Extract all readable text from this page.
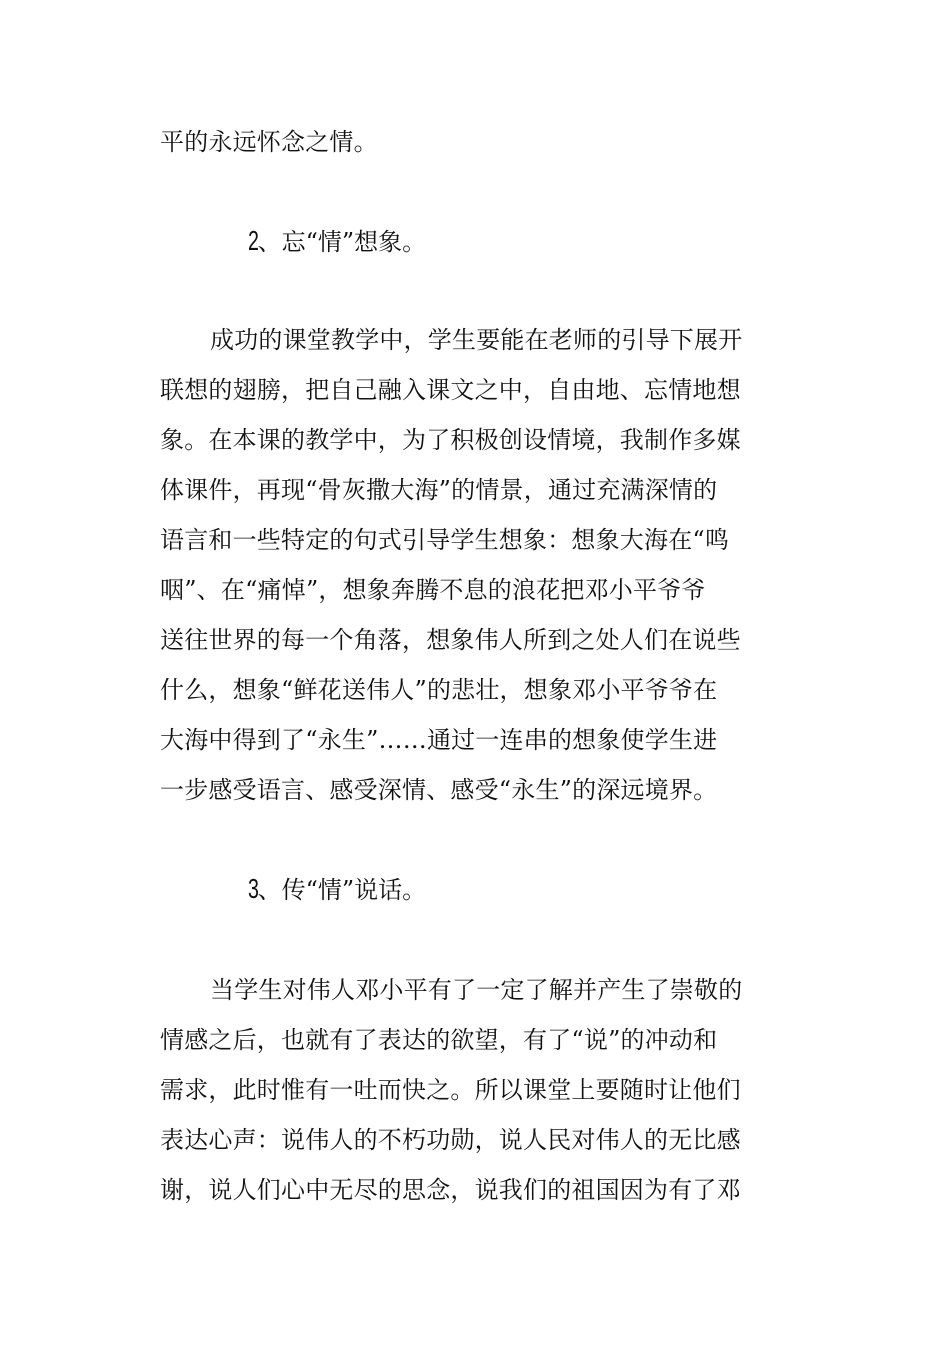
平的永远怀念之情。
2、忘“情”想象。
成功的课堂教学中，学生要能在老师的引导下展开
联想的翅膀，把自己融入课文之中，自由地、忘情地想
象。在本课的教学中，为了积极创设情境，我制作多媒
体课件，再现“骨灰撒大海”的情景，通过充满深情的
语言和一些特定的句式引导学生想象：想象大海在“鸣
咽”、在“痛悼”，想象奔腾不息的浪花把邓小平爷爷
送往世界的每一个角落，想象伟人所到之处人们在说些
什么，想象“鲜花送伟人”的悲壮，想象邓小平爷爷在
大海中得到了“永生”……通过一连串的想象使学生进
一步感受语言、感受深情、感受“永生”的深远境界。
3、传“情”说话。
当学生对伟人邓小平有了一定了解并产生了崇敬的
情感之后，也就有了表达的欲望，有了“说”的冲动和
需求，此时惟有一吐而快之。所以课堂上要随时让他们
表达心声：说伟人的不朽功勋，说人民对伟人的无比感
谢，说人们心中无尽的思念，说我们的祖国因为有了邓
